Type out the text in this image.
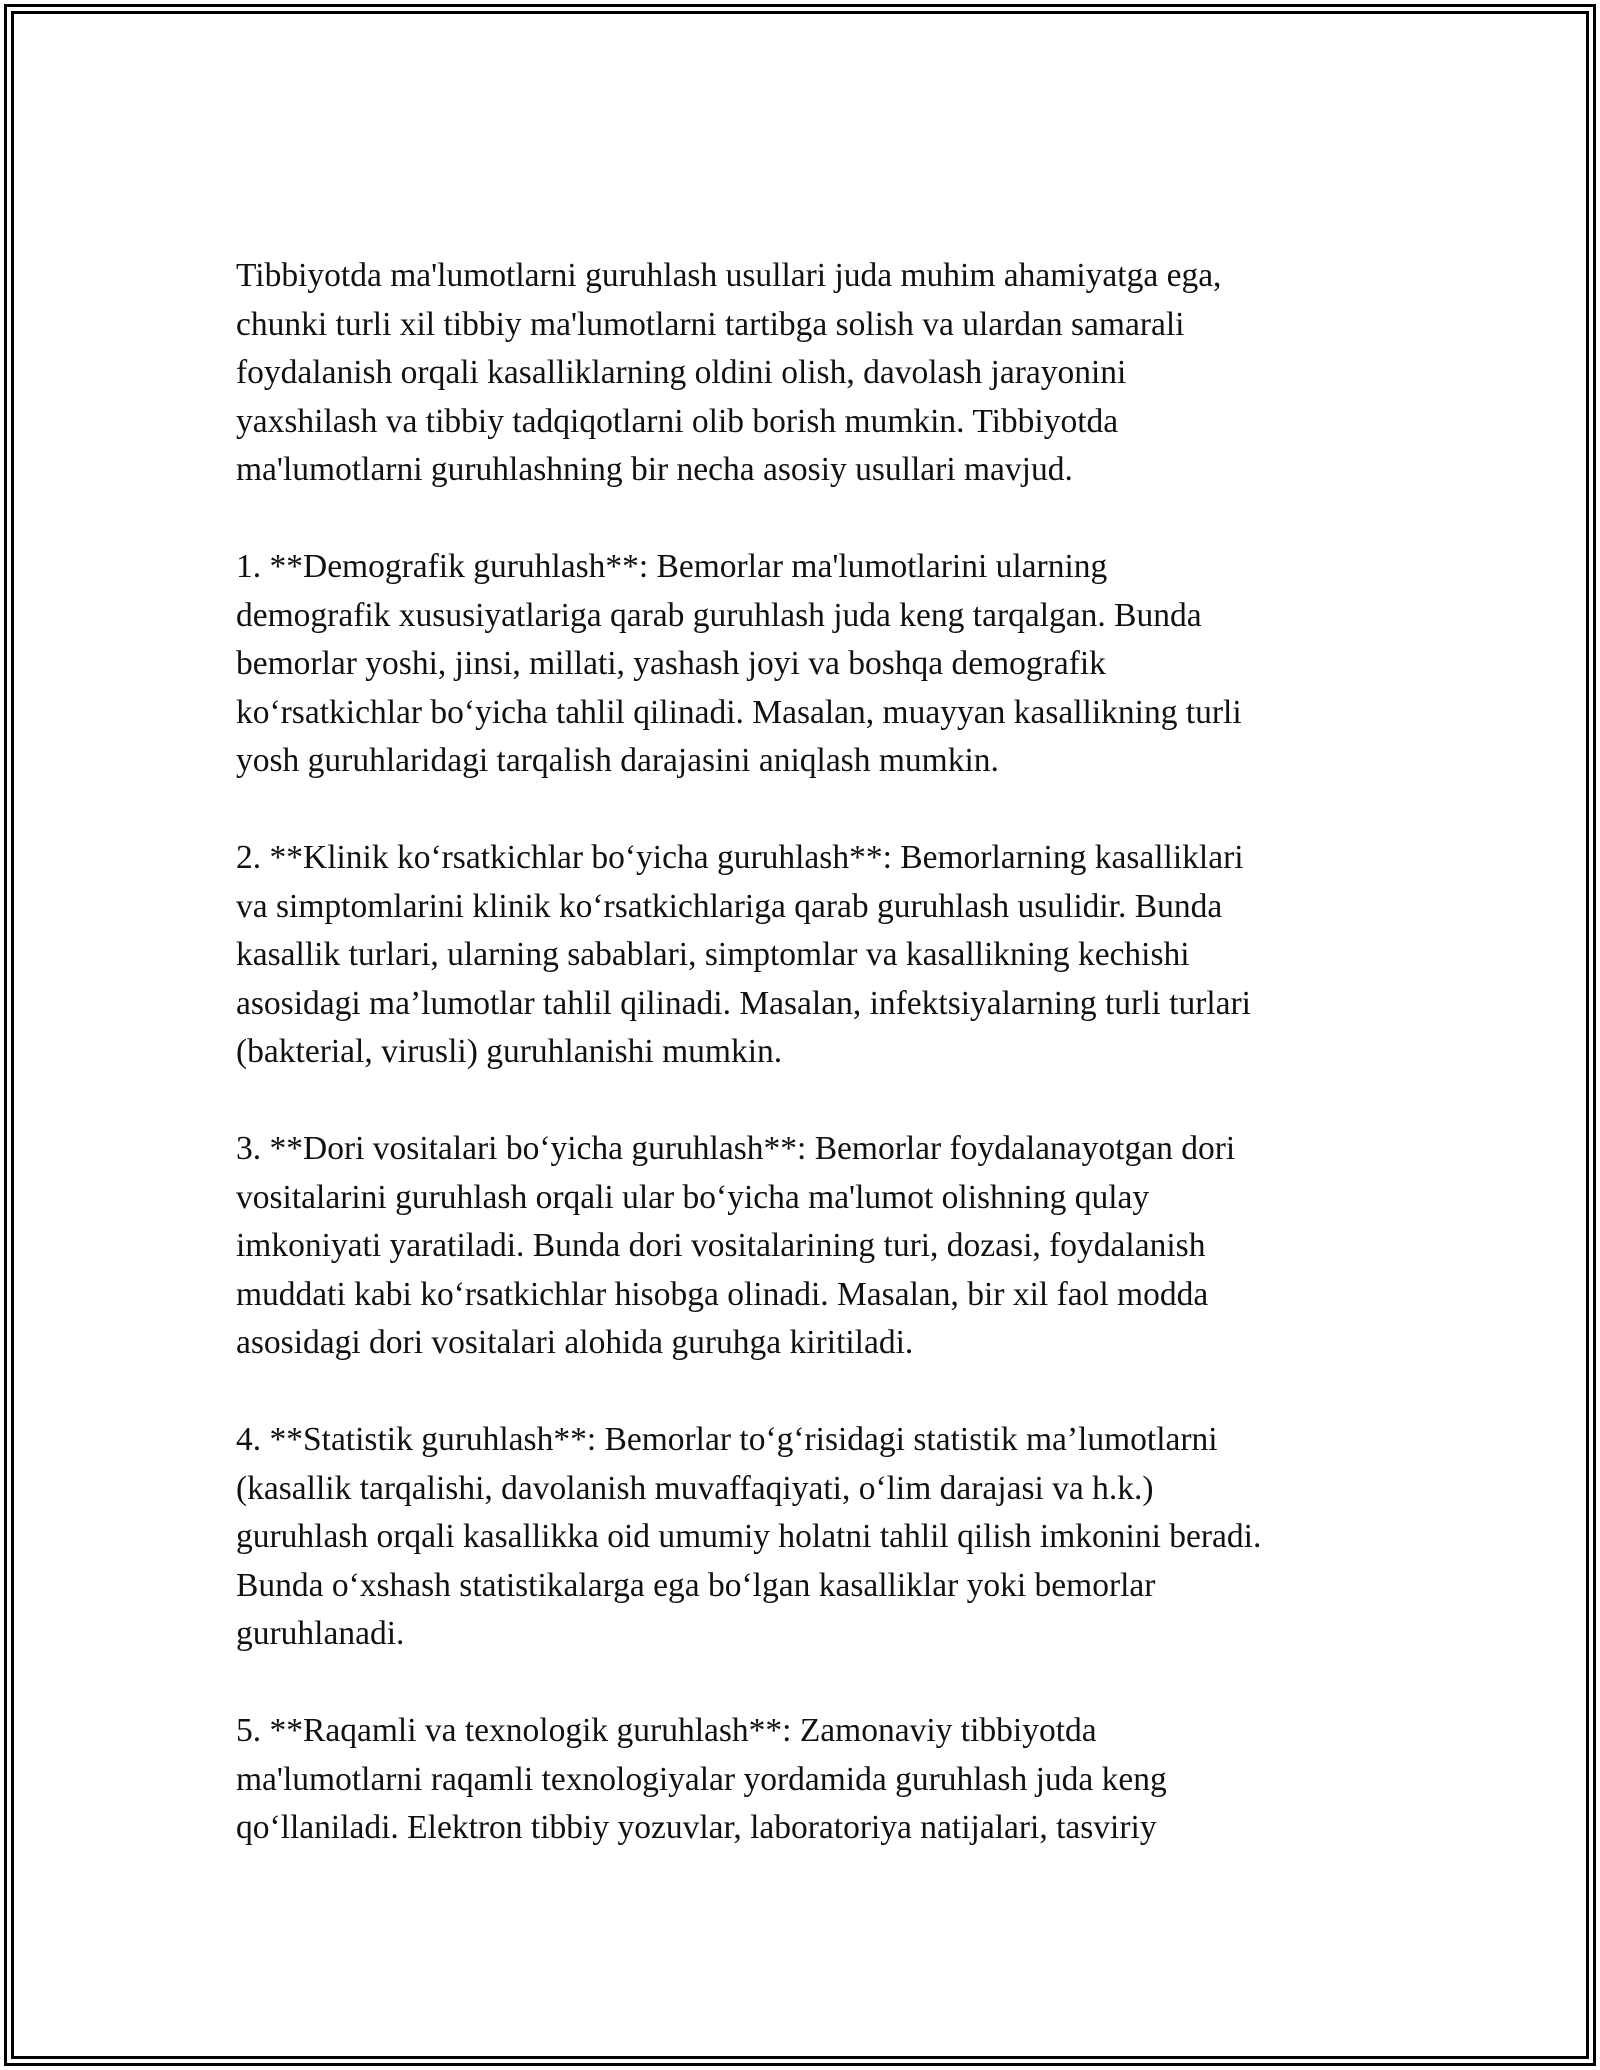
Tibbiyotda ma'lumotlarni guruhlash usullari juda muhim ahamiyatga ega,
chunki turli xil tibbiy ma'lumotlarni tartibga solish va ulardan samarali
foydalanish orqali kasalliklarning oldini olish, davolash jarayonini
yaxshilash va tibbiy tadqiqotlarni olib borish mumkin. Tibbiyotda
ma'lumotlarni guruhlashning bir necha asosiy usullari mavjud.

1. **Demografik guruhlash**: Bemorlar ma'lumotlarini ularning
demografik xususiyatlariga qarab guruhlash juda keng tarqalgan. Bunda
bemorlar yoshi, jinsi, millati, yashash joyi va boshqa demografik
ko‘rsatkichlar bo‘yicha tahlil qilinadi. Masalan, muayyan kasallikning turli
yosh guruhlaridagi tarqalish darajasini aniqlash mumkin.

2. **Klinik ko‘rsatkichlar bo‘yicha guruhlash**: Bemorlarning kasalliklari
va simptomlarini klinik ko‘rsatkichlariga qarab guruhlash usulidir. Bunda
kasallik turlari, ularning sabablari, simptomlar va kasallikning kechishi
asosidagi ma’lumotlar tahlil qilinadi. Masalan, infektsiyalarning turli turlari
(bakterial, virusli) guruhlanishi mumkin.

3. **Dori vositalari bo‘yicha guruhlash**: Bemorlar foydalanayotgan dori
vositalarini guruhlash orqali ular bo‘yicha ma'lumot olishning qulay
imkoniyati yaratiladi. Bunda dori vositalarining turi, dozasi, foydalanish
muddati kabi ko‘rsatkichlar hisobga olinadi. Masalan, bir xil faol modda
asosidagi dori vositalari alohida guruhga kiritiladi.

4. **Statistik guruhlash**: Bemorlar to‘g‘risidagi statistik ma’lumotlarni
(kasallik tarqalishi, davolanish muvaffaqiyati, o‘lim darajasi va h.k.)
guruhlash orqali kasallikka oid umumiy holatni tahlil qilish imkonini beradi.
Bunda o‘xshash statistikalarga ega bo‘lgan kasalliklar yoki bemorlar
guruhlanadi.

5. **Raqamli va texnologik guruhlash**: Zamonaviy tibbiyotda
ma'lumotlarni raqamli texnologiyalar yordamida guruhlash juda keng
qo‘llaniladi. Elektron tibbiy yozuvlar, laboratoriya natijalari, tasviriy
